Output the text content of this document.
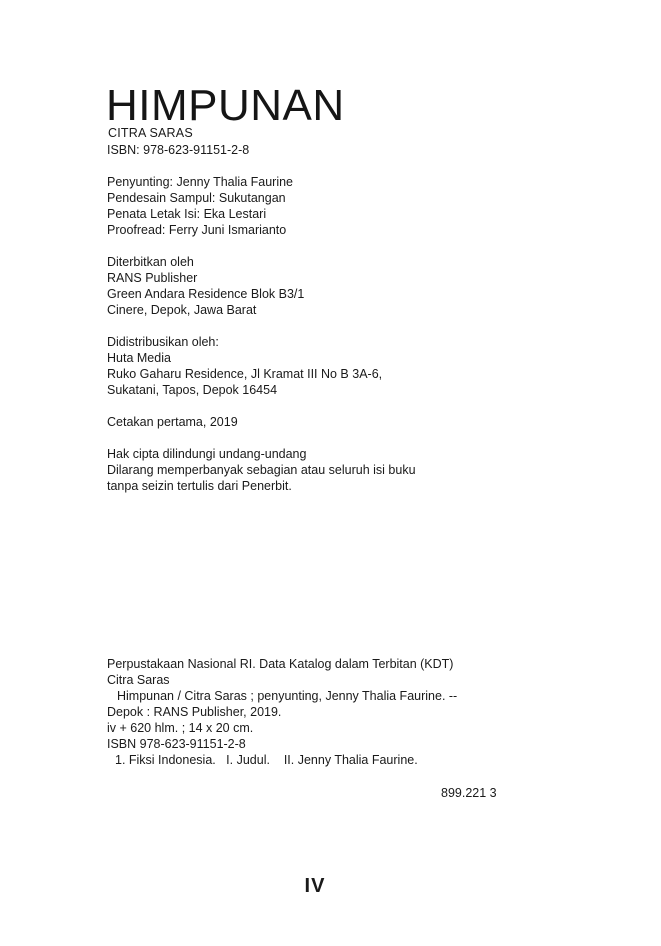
HIMPUNAN
CITRA SARAS
ISBN: 978-623-91151-2-8
Penyunting: Jenny Thalia Faurine
Pendesain Sampul: Sukutangan
Penata Letak Isi: Eka Lestari
Proofread: Ferry Juni Ismarianto
Diterbitkan oleh
RANS Publisher
Green Andara Residence Blok B3/1
Cinere, Depok, Jawa Barat
Didistribusikan oleh:
Huta Media
Ruko Gaharu Residence, Jl Kramat III No B 3A-6,
Sukatani, Tapos, Depok 16454
Cetakan pertama, 2019
Hak cipta dilindungi undang-undang
Dilarang memperbanyak sebagian atau seluruh isi buku
tanpa seizin tertulis dari Penerbit.
Perpustakaan Nasional RI. Data Katalog dalam Terbitan (KDT)
Citra Saras
Himpunan / Citra Saras ; penyunting, Jenny Thalia Faurine. --
Depok : RANS Publisher, 2019.
iv + 620 hlm. ; 14 x 20 cm.
ISBN 978-623-91151-2-8
1. Fiksi Indonesia.   I. Judul.    II. Jenny Thalia Faurine.
899.221 3
IV
